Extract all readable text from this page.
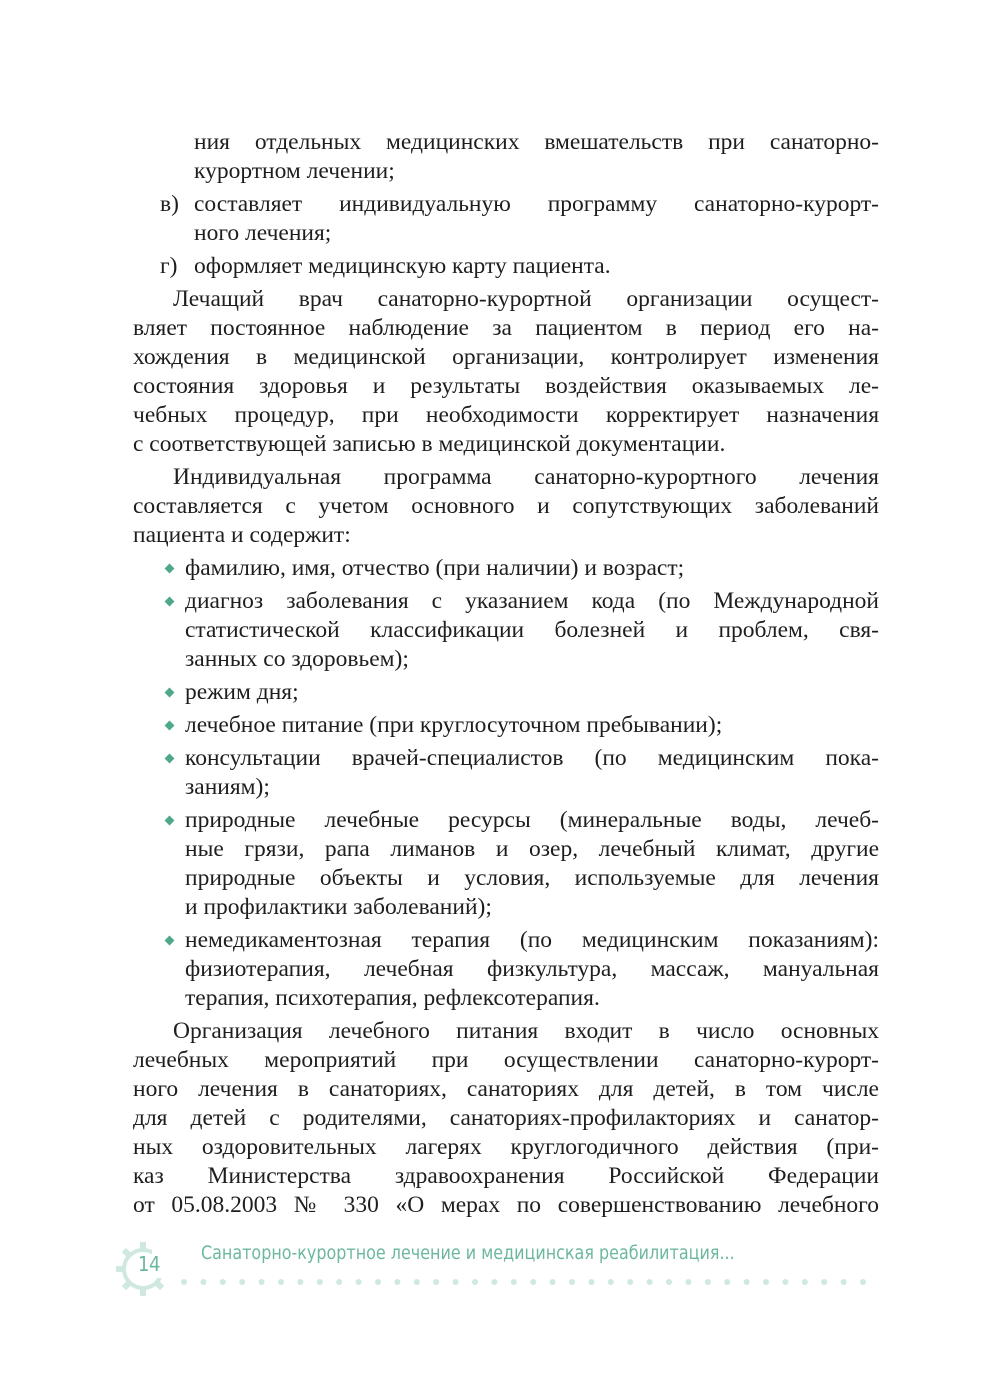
ния отдельных медицинских вмешательств при санаторно-
курортном лечении;
в) составляет индивидуальную программу санаторно-курорт-
ного лечения;
г) оформляет медицинскую карту пациента.
Лечащий врач санаторно-курортной организации осущест-
вляет постоянное наблюдение за пациентом в период его на-
хождения в медицинской организации, контролирует изменения
состояния здоровья и результаты воздействия оказываемых ле-
чебных процедур, при необходимости корректирует назначения
с соответствующей записью в медицинской документации.
Индивидуальная программа санаторно-курортного лечения
составляется с учетом основного и сопутствующих заболеваний
пациента и содержит:
фамилию, имя, отчество (при наличии) и возраст;
диагноз заболевания с указанием кода (по Международной
статистической классификации болезней и проблем, свя-
занных со здоровьем);
режим дня;
лечебное питание (при круглосуточном пребывании);
консультации врачей-специалистов (по медицинским пока-
заниям);
природные лечебные ресурсы (минеральные воды, лечеб-
ные грязи, рапа лиманов и озер, лечебный климат, другие
природные объекты и условия, используемые для лечения
и профилактики заболеваний);
немедикаментозная терапия (по медицинским показаниям):
физиотерапия, лечебная физкультура, массаж, мануальная
терапия, психотерапия, рефлексотерапия.
Организация лечебного питания входит в число основных
лечебных мероприятий при осуществлении санаторно-курорт-
ного лечения в санаториях, санаториях для детей, в том числе
для детей с родителями, санаториях-профилакториях и санатор-
ных оздоровительных лагерях круглогодичного действия (при-
каз Министерства здравоохранения Российской Федерации
от 05.08.2003 № 330 «О мерах по совершенствованию лечебного
14 Санаторно-курортное лечение и медицинская реабилитация...
